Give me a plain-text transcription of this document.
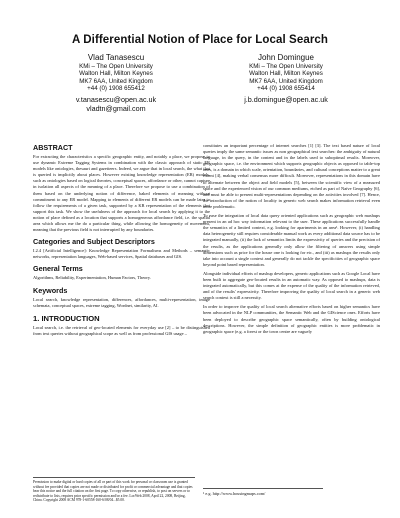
A Differential Notion of Place for Local Search
Vlad Tanasescu
KMi – The Open University
Walton Hall, Milton Keynes
MK7 6AA, United Kingdom
+44 (0) 1908 655412
v.tanasescu@open.ac.uk
vladtn@gmail.com
John Domingue
KMi – The Open University
Walton Hall, Milton Keynes
MK7 6AA, United Kingdom
+44 (0) 1908 655414
j.b.domingue@open.ac.uk
ABSTRACT

For extracting the characteristics a specific geographic entity, and notably a place, we propose to use dynamic Extreme Tagging Systems in combination with the classic approach of static ER models like ontologies, thesauri and gazetteers. Indeed, we argue that in local search, the what that is queried is implicitly about places. However existing knowledge representation (ER) models, such as ontologies based on logical theories, conceptual spaces, affordance or other, cannot capture in isolation all aspects of the meaning of a place. Therefore we propose to use a combination of them based on the underlying notion of difference, baked elements of meaning without commitment to any ER model. Mapping to elements of different ER models can be made later to follow the requirements of a given task, supported by a KR representation of the elements that support this task. We show the usefulness of the approach for local search by applying it to the notion of place defined as a location that supports a homogeneous affordance field, i.e. the spatial area which allows me the do a particular thing, while allowing the homogeneity of movement, meaning that the previous field is not interrupted by any boundaries.

Categories and Subject Descriptors

I.2.4 [Artificial Intelligence]: Knowledge Representation Formalisms and Methods – semantic networks, representation languages, Web-based services, Spatial databases and GIS.

General Terms

Algorithms, Reliability, Experimentation, Human Factors, Theory.

Keywords

Local search, knowledge representation, differences, affordances, multi-representation, image schemata, conceptual spaces, extreme tagging, Wordnet, similarity, AI.

1. INTRODUCTION

Local search, i.e. the retrieval of geo-located elements for everyday use [2] – to be distinguished from text queries without geographical scope as well as from professional GIS usage –

Permission to make digital or hard copies of all or part of this work for personal or classroom use is granted without fee provided that copies are not made or distributed for profit or commercial advantage and that copies bear this notice and the full citation on the first page. To copy otherwise, or republish, to post on servers or to redistribute to lists, requires prior specific permission and/or a fee. LocWeb 2008, April 22, 2008, Beijing, China. Copyright 2008 ACM 978-1-60558-160-6/08/04...$5.00.

constitutes an important percentage of internet searches [1] [3]. The text based nature of local queries imply the same semantic issues as non geographical text searches: the ambiguity of natural language, in the query, in the content and in the labels used to suboptimal results. Moreover, geographic space, i.e. the environment which supports geographic objects as opposed to table-top ones, is a domain in which scale, orientation, boundaries, and cultural conceptions matter to a great extent [4], making verbal consensus more difficult. Moreover, representations in this domain have to alternate between the object and field models [5], between the scientific view of a measured space and the experienced vision of our common mediums, etched as part of Naïve Geography [6], and must be able to present multi-representations depending on the activities involved [7]. Hence, the introduction of the notion of locality in generic web search makes information retrieval even more problematic.

To ease the integration of local data query oriented applications such as geographic web mashups present in an ad hoc way information relevant to the user. These applications successfully handle the semantics of a limited context, e.g. looking for apartments in an area¹. However, (i) handling data heterogeneity still requires considerable manual work as every additional data source has to be integrated manually, (ii) the lack of semantics limits the expressivity of queries and the precision of the results, as the applications generally only allow the filtering of answers using simple dimensions such as price for the house one is looking for etc., and (iii) as mashups the results only take into account a single context and generally do not tackle the specificities of geographic space beyond point based representation.

Alongside individual efforts of mashup developers, generic applications such as Google Local have been built to aggregate geo-located results in an automatic way. As opposed to mashups, data is integrated automatically, but this comes at the expense of the quality of the information retrieved, and of the results' expressivity. Therefore improving the quality of local search in a generic web search context is still a necessity.

In order to improve the quality of local search alternative efforts based on higher semantics have been advocated in the NLP communities, the Semantic Web and the GIScience ones. Efforts have been deployed to describe geographic space semantically, often by building ontological descriptions. However, the simple definition of geographic entities is more problematic in geographic space (e.g. a forest or the town centre are vaguely

¹ e.g. http://www.housingmaps.com/
